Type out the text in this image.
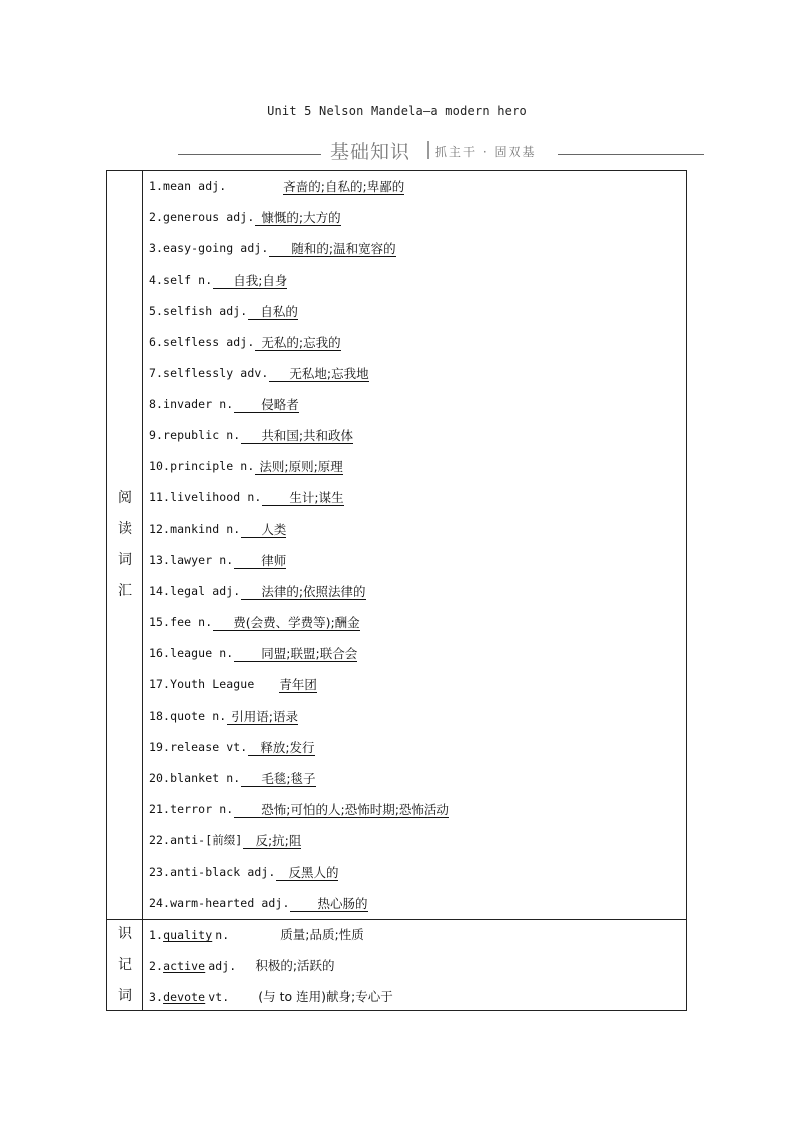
Unit 5 Nelson Mandela—a modern hero
基础知识 抓主干 · 固双基
阅
读
词
汇
1.mean adj.	吝啬的;自私的;卑鄙的
2.generous adj. 慷慨的;大方的
3.easy-going adj. 随和的;温和宽容的
4.self n. 自我;自身
5.selfish adj. 自私的
6.selfless adj. 无私的;忘我的
7.selflessly adv. 无私地;忘我地
8.invader n. 侵略者
9.republic n. 共和国;共和政体
10.principle n. 法则;原则;原理
11.livelihood n. 生计;谋生
12.mankind n. 人类
13.lawyer n. 律师
14.legal adj. 法律的;依照法律的
15.fee n. 费(会费、学费等);酬金
16.league n. 同盟;联盟;联合会
17.Youth League 青年团
18.quote n. 引用语;语录
19.release vt. 释放;发行
20.blanket n. 毛毯;毯子
21.terror n. 恐怖;可怕的人;恐怖时期;恐怖活动
22.anti-[前缀] 反;抗;阻
23.anti-black adj. 反黑人的
24.warm-hearted adj. 热心肠的
识
记
词
1.quality n.	质量;品质;性质
2.active adj. 积极的;活跃的
3.devote vt. (与 to 连用)献身;专心于
